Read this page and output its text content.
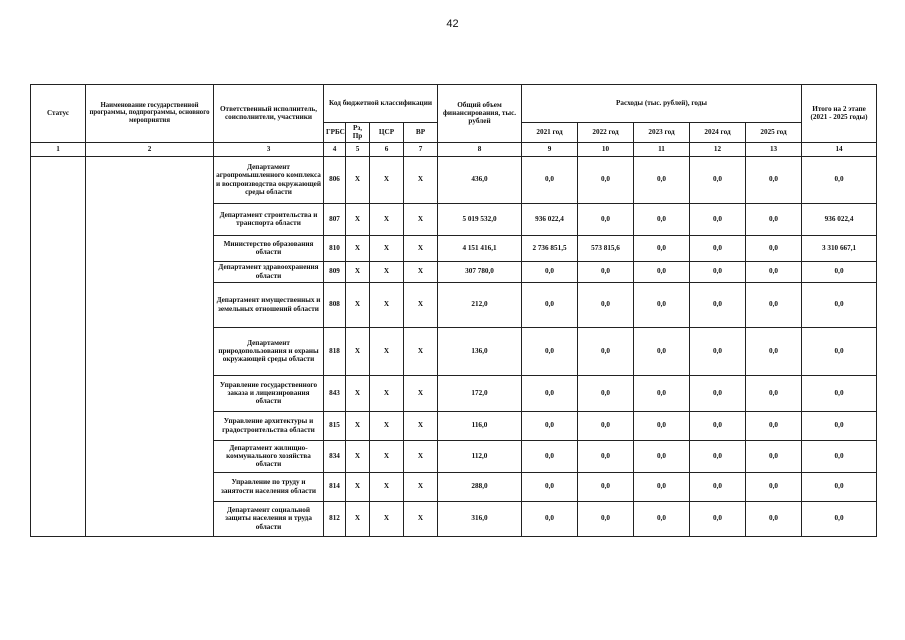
42
Статус	Наименование государственной программы, подпрограммы, основного мероприятия	Ответственный исполнитель, соисполнители, участники	Код бюджетной классификации				Общий объем финансирования, тыс. рублей	Расходы (тыс. рублей), годы					Итого на 2 этапе (2021 - 2025 годы)
			ГРБС	Рз, Пр	ЦСР	ВР		2021 год	2022 год	2023 год	2024 год	2025 год	
1	2	3	4	5	6	7	8	9	10	11	12	13	14
		Департамент агропромышленного комплекса и воспроизводства окружающей среды области	806	Х	Х	Х	436,0	0,0	0,0	0,0	0,0	0,0	0,0
		Департамент строительства и транспорта области	807	Х	Х	Х	5 019 532,0	936 022,4	0,0	0,0	0,0	0,0	936 022,4
		Министерство образования области	810	Х	Х	Х	4 151 416,1	2 736 851,5	573 815,6	0,0	0,0	0,0	3 310 667,1
		Департамент здравоохранения области	809	Х	Х	Х	307 780,0	0,0	0,0	0,0	0,0	0,0	0,0
		Департамент имущественных и земельных отношений области	808	Х	Х	Х	212,0	0,0	0,0	0,0	0,0	0,0	0,0
		Департамент природопользования и охраны окружающей среды области	818	Х	Х	Х	136,0	0,0	0,0	0,0	0,0	0,0	0,0
		Управление государственного заказа и лицензирования области	843	Х	Х	Х	172,0	0,0	0,0	0,0	0,0	0,0	0,0
		Управление архитектуры и градостроительства области	815	Х	Х	Х	116,0	0,0	0,0	0,0	0,0	0,0	0,0
		Департамент жилищно-коммунального хозяйства области	834	Х	Х	Х	112,0	0,0	0,0	0,0	0,0	0,0	0,0
		Управление по труду и занятости населения области	814	Х	Х	Х	288,0	0,0	0,0	0,0	0,0	0,0	0,0
		Департамент социальной защиты населения и труда области	812	Х	Х	Х	316,0	0,0	0,0	0,0	0,0	0,0	0,0
